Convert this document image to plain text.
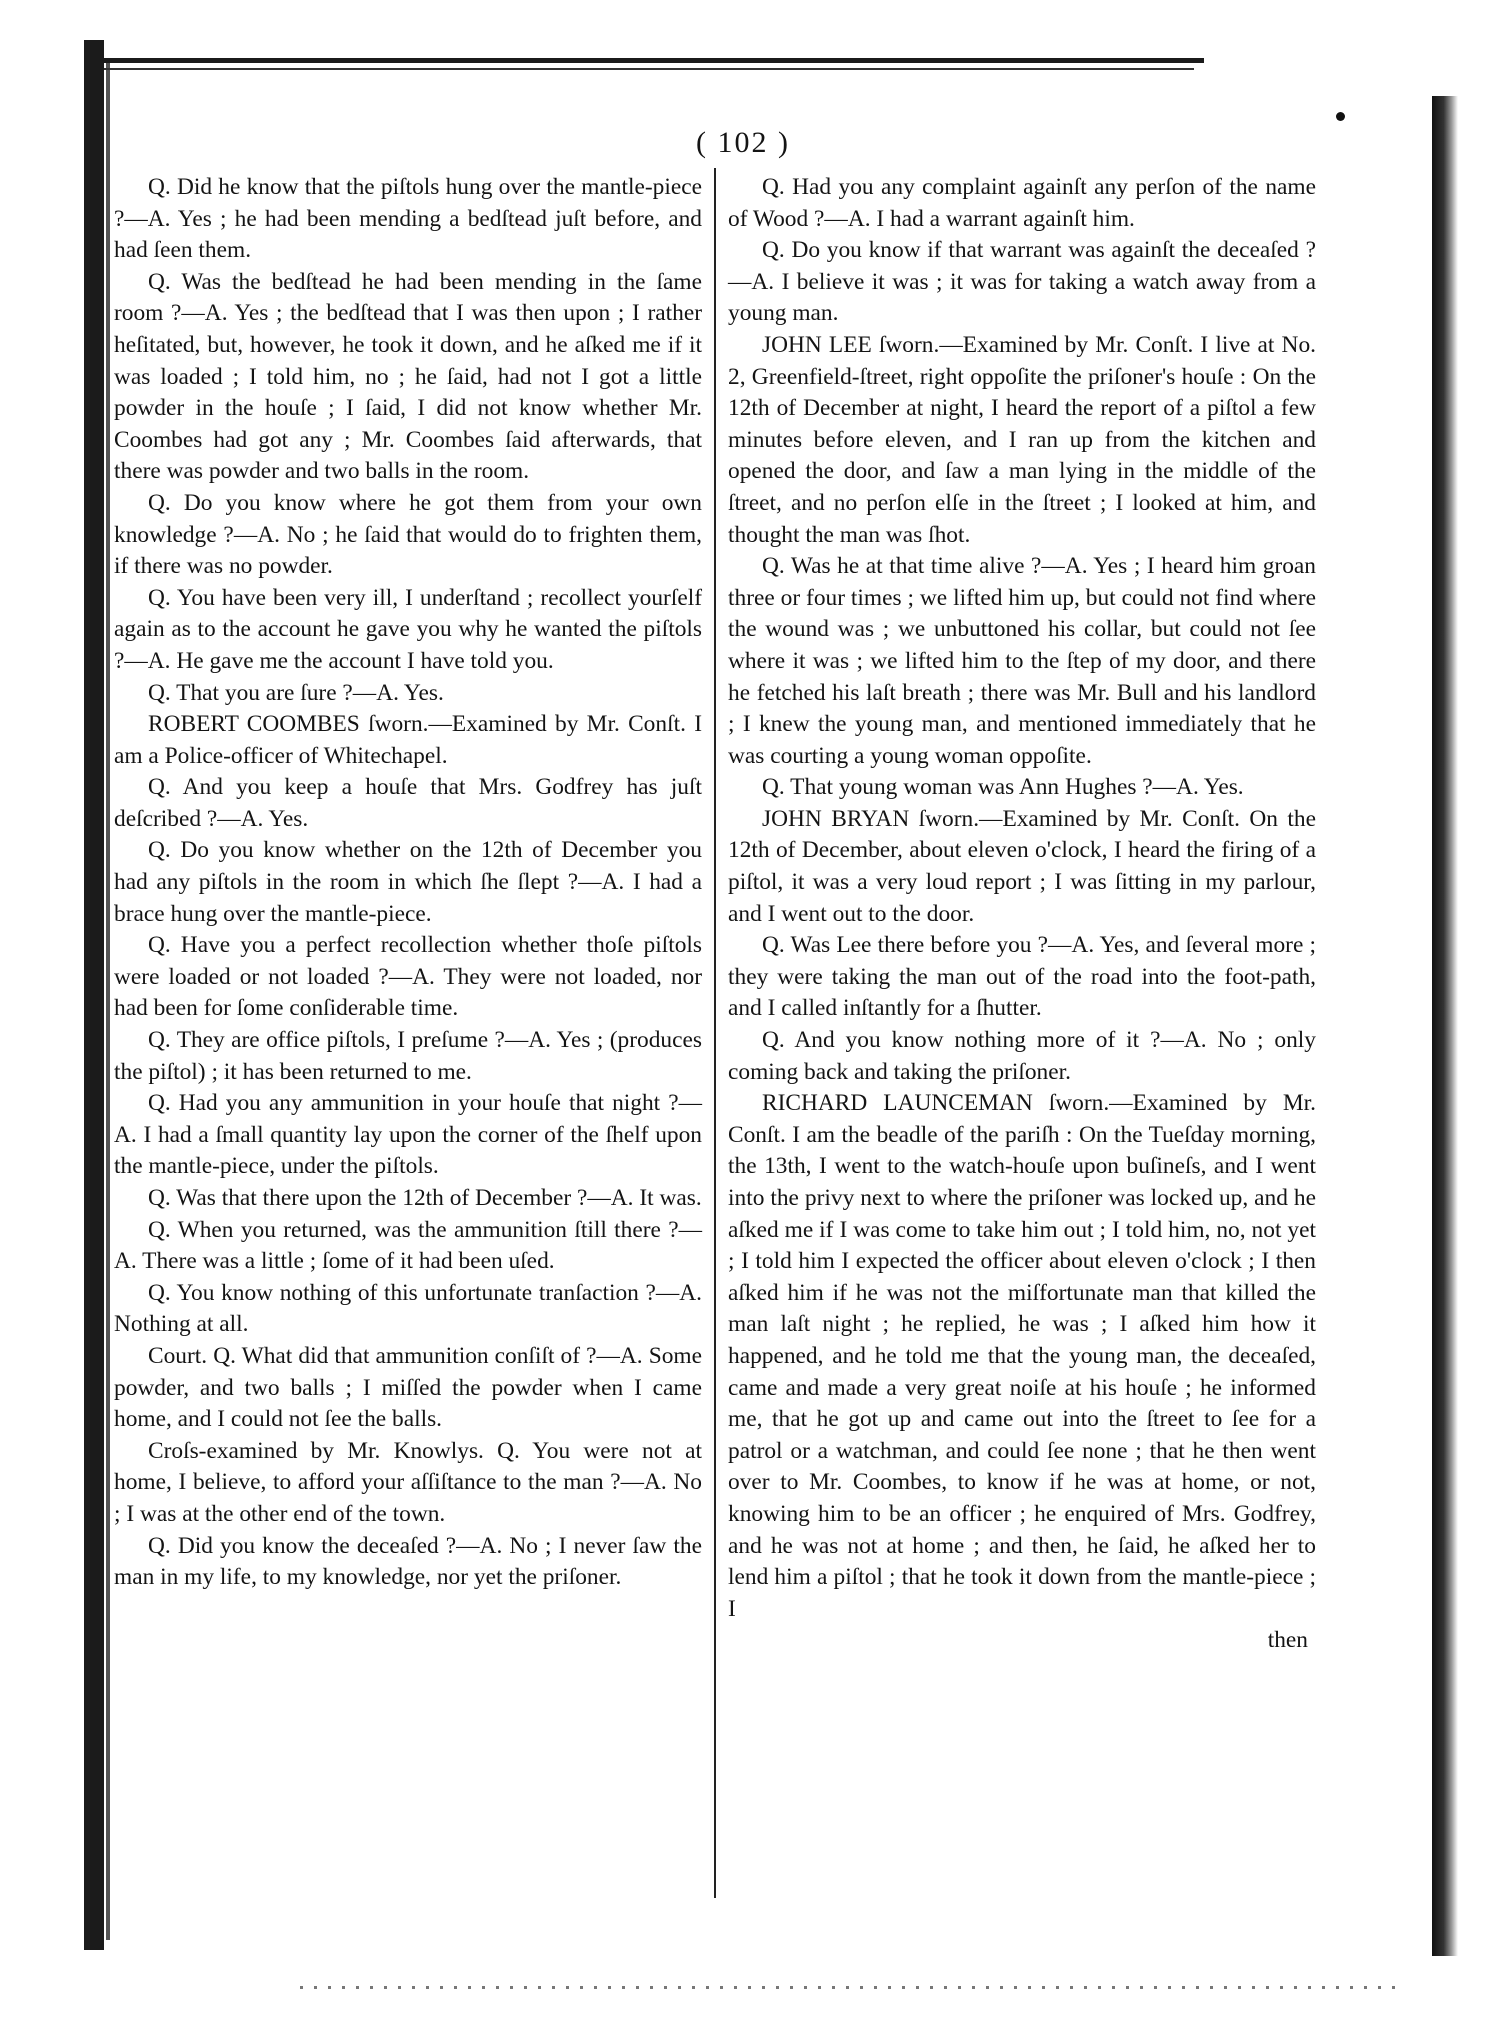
( 102 )

Q. Did he know that the piſtols hung over the mantle-piece ?—A. Yes ; he had been mending a bedſtead juſt before, and had ſeen them.

Q. Was the bedſtead he had been mending in the ſame room ?—A. Yes ; the bedſtead that I was then upon ; I rather heſitated, but, however, he took it down, and he aſked me if it was loaded ; I told him, no ; he ſaid, had not I got a little powder in the houſe ; I ſaid, I did not know whether Mr. Coombes had got any ; Mr. Coombes ſaid afterwards, that there was powder and two balls in the room.

Q. Do you know where he got them from your own knowledge ?—A. No ; he ſaid that would do to frighten them, if there was no powder.

Q. You have been very ill, I underſtand ; recollect yourſelf again as to the account he gave you why he wanted the piſtols ?—A. He gave me the account I have told you.

Q. That you are ſure ?—A. Yes.

ROBERT COOMBES ſworn.—Examined by Mr. Conſt. I am a Police-officer of Whitechapel.

Q. And you keep a houſe that Mrs. Godfrey has juſt deſcribed ?—A. Yes.

Q. Do you know whether on the 12th of December you had any piſtols in the room in which ſhe ſlept ?—A. I had a brace hung over the mantle-piece.

Q. Have you a perfect recollection whether thoſe piſtols were loaded or not loaded ?—A. They were not loaded, nor had been for ſome conſiderable time.

Q. They are office piſtols, I preſume ?—A. Yes ; (produces the piſtol) ; it has been returned to me.

Q. Had you any ammunition in your houſe that night ?—A. I had a ſmall quantity lay upon the corner of the ſhelf upon the mantle-piece, under the piſtols.

Q. Was that there upon the 12th of December ?—A. It was.

Q. When you returned, was the ammunition ſtill there ?—A. There was a little ; ſome of it had been uſed.

Q. You know nothing of this unfortunate tranſaction ?—A. Nothing at all.

Court. Q. What did that ammunition conſiſt of ?—A. Some powder, and two balls ; I miſſed the powder when I came home, and I could not ſee the balls.

Croſs-examined by Mr. Knowlys. Q. You were not at home, I believe, to afford your aſſiſtance to the man ?—A. No ; I was at the other end of the town.

Q. Did you know the deceaſed ?—A. No ; I never ſaw the man in my life, to my knowledge, nor yet the priſoner.

Q. Had you any complaint againſt any perſon of the name of Wood ?—A. I had a warrant againſt him.

Q. Do you know if that warrant was againſt the deceaſed ?—A. I believe it was ; it was for taking a watch away from a young man.

JOHN LEE ſworn.—Examined by Mr. Conſt. I live at No. 2, Greenfield-ſtreet, right oppoſite the priſoner's houſe : On the 12th of December at night, I heard the report of a piſtol a few minutes before eleven, and I ran up from the kitchen and opened the door, and ſaw a man lying in the middle of the ſtreet, and no perſon elſe in the ſtreet ; I looked at him, and thought the man was ſhot.

Q. Was he at that time alive ?—A. Yes ; I heard him groan three or four times ; we lifted him up, but could not find where the wound was ; we unbuttoned his collar, but could not ſee where it was ; we lifted him to the ſtep of my door, and there he fetched his laſt breath ; there was Mr. Bull and his landlord ; I knew the young man, and mentioned immediately that he was courting a young woman oppoſite.

Q. That young woman was Ann Hughes ?—A. Yes.

JOHN BRYAN ſworn.—Examined by Mr. Conſt. On the 12th of December, about eleven o'clock, I heard the firing of a piſtol, it was a very loud report ; I was ſitting in my parlour, and I went out to the door.

Q. Was Lee there before you ?—A. Yes, and ſeveral more ; they were taking the man out of the road into the foot-path, and I called inſtantly for a ſhutter.

Q. And you know nothing more of it ?—A. No ; only coming back and taking the priſoner.

RICHARD LAUNCEMAN ſworn.—Examined by Mr. Conſt. I am the beadle of the pariſh : On the Tueſday morning, the 13th, I went to the watch-houſe upon buſineſs, and I went into the privy next to where the priſoner was locked up, and he aſked me if I was come to take him out ; I told him, no, not yet ; I told him I expected the officer about eleven o'clock ; I then aſked him if he was not the miſfortunate man that killed the man laſt night ; he replied, he was ; I aſked him how it happened, and he told me that the young man, the deceaſed, came and made a very great noiſe at his houſe ; he informed me, that he got up and came out into the ſtreet to ſee for a patrol or a watchman, and could ſee none ; that he then went over to Mr. Coombes, to know if he was at home, or not, knowing him to be an officer ; he enquired of Mrs. Godfrey, and he was not at home ; and then, he ſaid, he aſked her to lend him a piſtol ; that he took it down from the mantle-piece ; I

then
